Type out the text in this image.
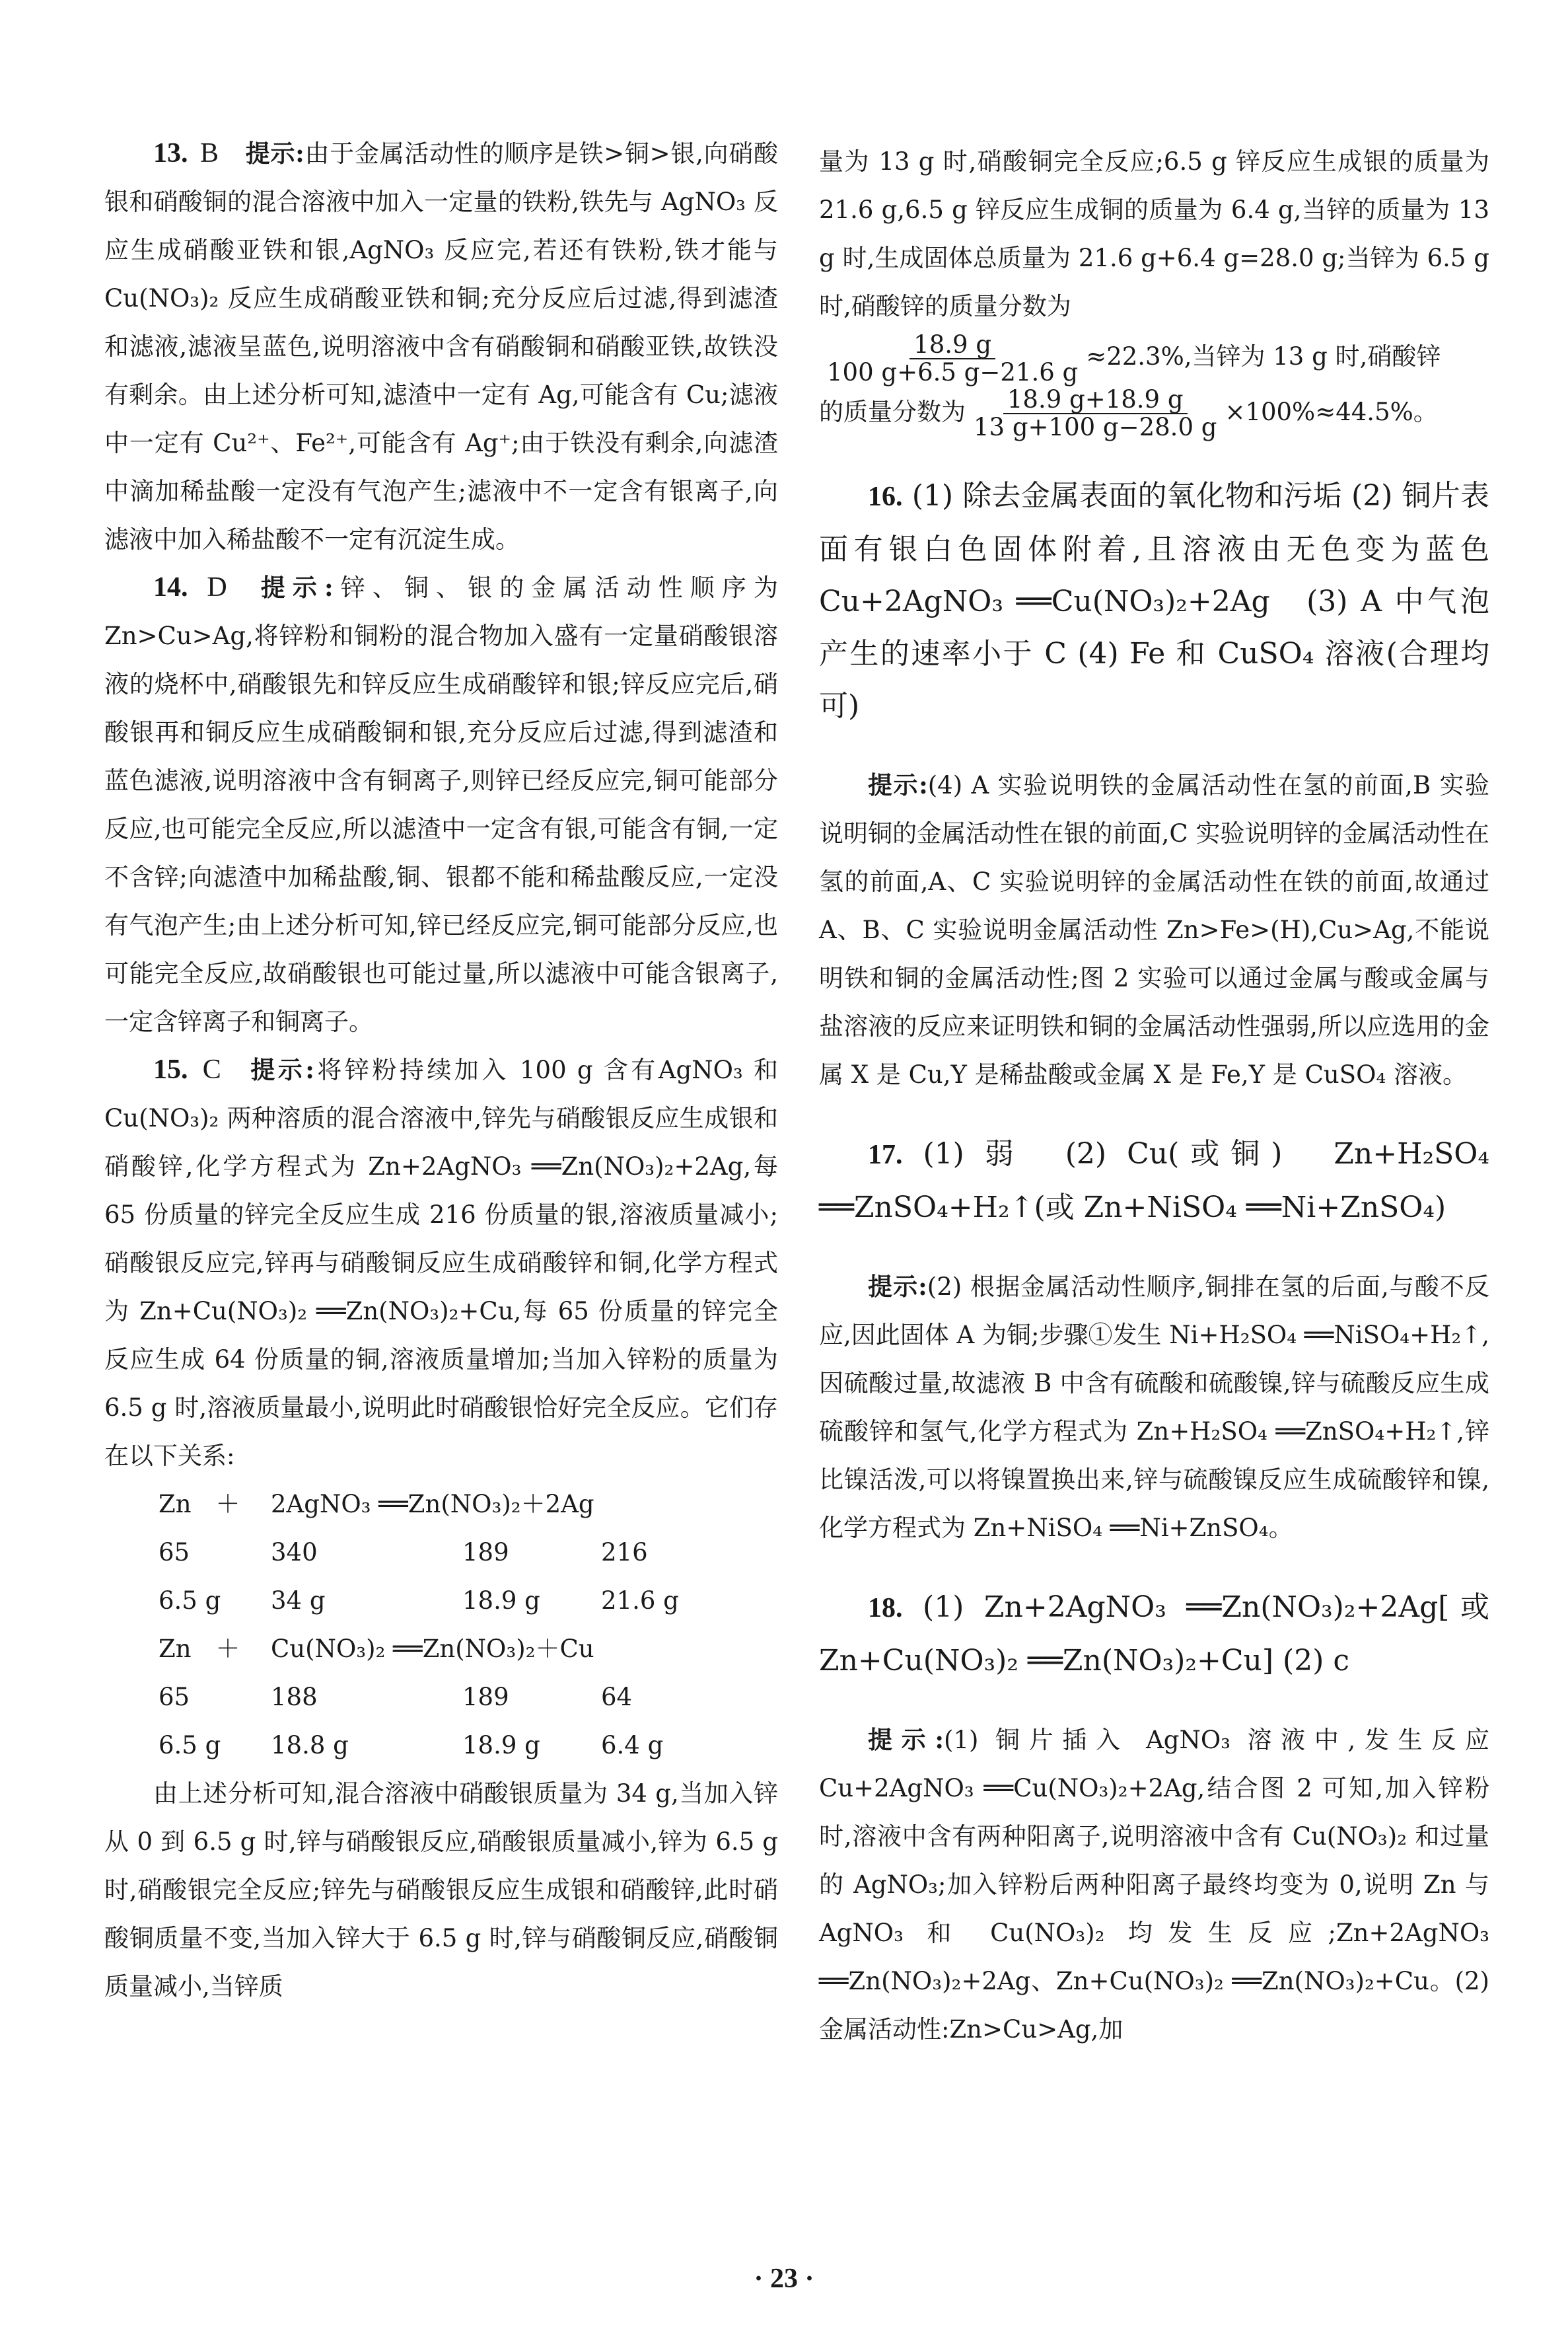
13. B 提示:由于金属活动性的顺序是铁>铜>银,向硝酸银和硝酸铜的混合溶液中加入一定量的铁粉,铁先与 AgNO₃ 反应生成硝酸亚铁和银,AgNO₃ 反应完,若还有铁粉,铁才能与 Cu(NO₃)₂ 反应生成硝酸亚铁和铜;充分反应后过滤,得到滤渣和滤液,滤液呈蓝色,说明溶液中含有硝酸铜和硝酸亚铁,故铁没有剩余。由上述分析可知,滤渣中一定有 Ag,可能含有 Cu;滤液中一定有 Cu²⁺、Fe²⁺,可能含有 Ag⁺;由于铁没有剩余,向滤渣中滴加稀盐酸一定没有气泡产生;滤液中不一定含有银离子,向滤液中加入稀盐酸不一定有沉淀生成。

14. D 提示:锌、铜、银的金属活动性顺序为Zn>Cu>Ag,将锌粉和铜粉的混合物加入盛有一定量硝酸银溶液的烧杯中,硝酸银先和锌反应生成硝酸锌和银;锌反应完后,硝酸银再和铜反应生成硝酸铜和银,充分反应后过滤,得到滤渣和蓝色滤液,说明溶液中含有铜离子,则锌已经反应完,铜可能部分反应,也可能完全反应,所以滤渣中一定含有银,可能含有铜,一定不含锌;向滤渣中加稀盐酸,铜、银都不能和稀盐酸反应,一定没有气泡产生;由上述分析可知,锌已经反应完,铜可能部分反应,也可能完全反应,故硝酸银也可能过量,所以滤液中可能含银离子,一定含锌离子和铜离子。

15. C 提示:将锌粉持续加入 100 g 含有AgNO₃ 和 Cu(NO₃)₂ 两种溶质的混合溶液中,锌先与硝酸银反应生成银和硝酸锌,化学方程式为 Zn+2AgNO₃ ══Zn(NO₃)₂+2Ag,每 65 份质量的锌完全反应生成 216 份质量的银,溶液质量减小;硝酸银反应完,锌再与硝酸铜反应生成硝酸锌和铜,化学方程式为 Zn+Cu(NO₃)₂ ══Zn(NO₃)₂+Cu,每 65 份质量的锌完全反应生成 64 份质量的铜,溶液质量增加;当加入锌粉的质量为 6.5 g 时,溶液质量最小,说明此时硝酸银恰好完全反应。它们存在以下关系:

Zn　＋	2AgNO₃ ══Zn(NO₃)₂＋2Ag
65	340	189	216
6.5 g	34 g	18.9 g	21.6 g
Zn　＋	Cu(NO₃)₂ ══Zn(NO₃)₂＋Cu
65	188	189	64
6.5 g	18.8 g	18.9 g	6.4 g

由上述分析可知,混合溶液中硝酸银质量为 34 g,当加入锌从 0 到 6.5 g 时,锌与硝酸银反应,硝酸银质量减小,锌为 6.5 g 时,硝酸银完全反应;锌先与硝酸银反应生成银和硝酸锌,此时硝酸铜质量不变,当加入锌大于 6.5 g 时,锌与硝酸铜反应,硝酸铜质量减小,当锌质

量为 13 g 时,硝酸铜完全反应;6.5 g 锌反应生成银的质量为 21.6 g,6.5 g 锌反应生成铜的质量为 6.4 g,当锌的质量为 13 g 时,生成固体总质量为 21.6 g+6.4 g=28.0 g;当锌为 6.5 g 时,硝酸锌的质量分数为

$\frac{18.9 g}{100 g+6.5 g-21.6 g} \approx 22.3\%$,当锌为 13 g 时,硝酸锌

的质量分数为 $\frac{18.9 g+18.9 g}{13 g+100 g-28.0 g} \times 100\%\approx 44.5\%$。

16. (1) 除去金属表面的氧化物和污垢 (2) 铜片表面有银白色固体附着,且溶液由无色变为蓝色　Cu+2AgNO₃ ══Cu(NO₃)₂+2Ag　(3) A 中气泡产生的速率小于 C (4) Fe 和 CuSO₄ 溶液(合理均可)

提示:(4) A 实验说明铁的金属活动性在氢的前面,B 实验说明铜的金属活动性在银的前面,C 实验说明锌的金属活动性在氢的前面,A、C 实验说明锌的金属活动性在铁的前面,故通过 A、B、C 实验说明金属活动性 Zn>Fe>(H),Cu>Ag,不能说明铁和铜的金属活动性;图 2 实验可以通过金属与酸或金属与盐溶液的反应来证明铁和铜的金属活动性强弱,所以应选用的金属 X 是 Cu,Y 是稀盐酸或金属 X 是 Fe,Y 是 CuSO₄ 溶液。

17. (1) 弱　(2) Cu(或铜)　Zn+H₂SO₄ ══ZnSO₄+H₂↑(或 Zn+NiSO₄ ══Ni+ZnSO₄)

提示:(2) 根据金属活动性顺序,铜排在氢的后面,与酸不反应,因此固体 A 为铜;步骤①发生 Ni+H₂SO₄ ══NiSO₄+H₂↑,因硫酸过量,故滤液 B 中含有硫酸和硫酸镍,锌与硫酸反应生成硫酸锌和氢气,化学方程式为 Zn+H₂SO₄ ══ZnSO₄+H₂↑,锌比镍活泼,可以将镍置换出来,锌与硫酸镍反应生成硫酸锌和镍,化学方程式为 Zn+NiSO₄ ══Ni+ZnSO₄。

18. (1) Zn+2AgNO₃ ══Zn(NO₃)₂+2Ag[或 Zn+Cu(NO₃)₂ ══Zn(NO₃)₂+Cu] (2) c

提示:(1) 铜片插入 AgNO₃ 溶液中,发生反应 Cu+2AgNO₃ ══Cu(NO₃)₂+2Ag,结合图 2 可知,加入锌粉时,溶液中含有两种阳离子,说明溶液中含有 Cu(NO₃)₂ 和过量的 AgNO₃;加入锌粉后两种阳离子最终均变为 0,说明 Zn 与 AgNO₃ 和 Cu(NO₃)₂ 均发生反应;Zn+2AgNO₃ ══Zn(NO₃)₂+2Ag、Zn+Cu(NO₃)₂ ══Zn(NO₃)₂+Cu。(2) 金属活动性:Zn>Cu>Ag,加

· 23 ·
